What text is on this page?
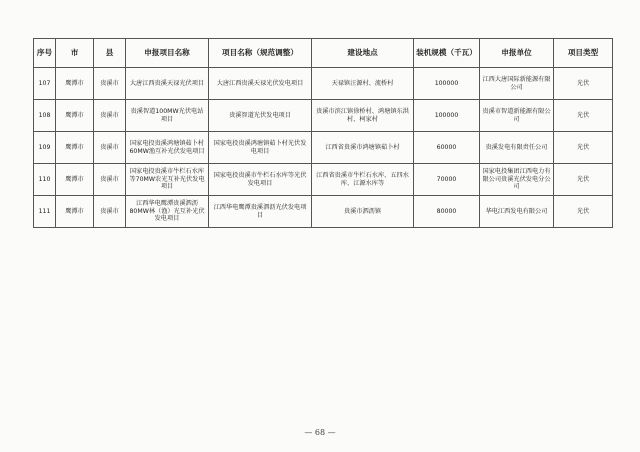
序号	市	县	申报项目名称	项目名称（规范调整）	建设地点	装机规模（千瓦）	申报单位	项目类型
107	鹰潭市	贵溪市	大唐江西贵溪天禄光伏项目	大唐江西贵溪天禄光伏发电项目	天禄镇汪源村、流桥村	100000	江西大唐国际新能源有限公司	光伏
108	鹰潭市	贵溪市	贵溪智道100MW光伏电站项目	贵溪智道光伏发电项目	贵溪市滨江镇徐桥村、鸿塘镇东洪村、柯家村	100000	贵溪市智道新能源有限公司	光伏
109	鹰潭市	贵溪市	国家电投贵溪鸿塘镇茹卜村60MW渔互补光伏发电项目	国家电投贵溪鸿塘镇茹卜村光伏发电项目	江西省贵溪市鸿塘镇茹卜村	60000	贵溪发电有限责任公司	光伏
110	鹰潭市	贵溪市	国家电投贵溪市牛栏石水库等70MW农光互补光伏发电项目	国家电投贵溪市牛栏石水库等光伏发电项目	江西省贵溪市牛栏石水库、五四水库、江源水库等	70000	国家电投集团江西电力有限公司贵溪光伏发电分公司	光伏
111	鹰潭市	贵溪市	江西华电鹰潭贵溪泗沥80MW林（渔）光互补光伏发电项目	江西华电鹰潭贵溪泗沥光伏发电项目	贵溪市泗沥镇	80000	华电江西发电有限公司	光伏
— 68 —
